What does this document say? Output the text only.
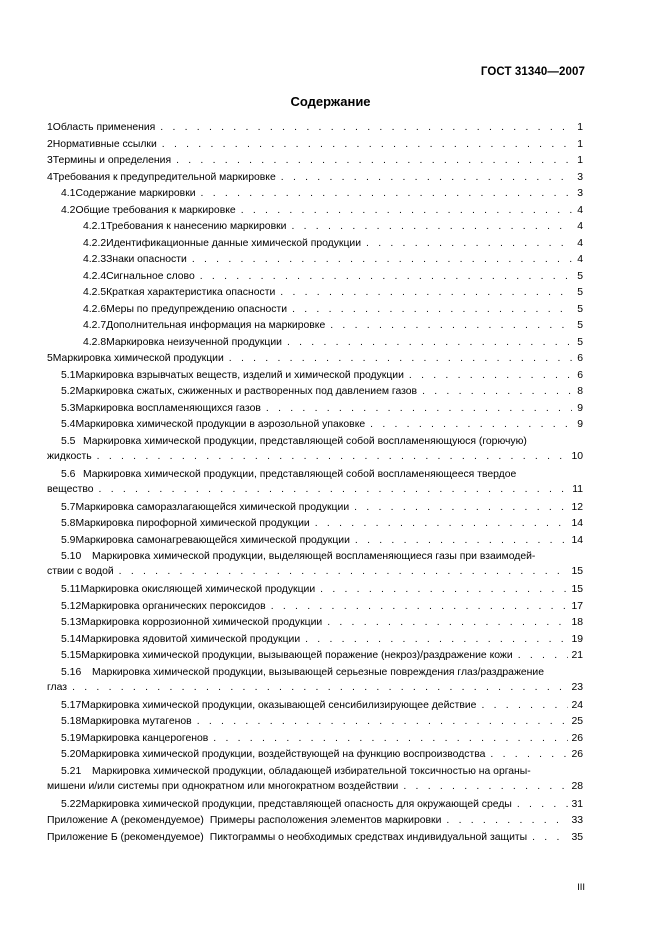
ГОСТ 31340—2007
Содержание
1 Область применения . . .	1
2 Нормативные ссылки . . .	1
3 Термины и определения . . .	1
4 Требования к предупредительной маркировке . . .	3
4.1 Содержание маркировки . . .	3
4.2 Общие требования к маркировке . . .	4
4.2.1 Требования к нанесению маркировки . . .	4
4.2.2 Идентификационные данные химической продукции . . .	4
4.2.3 Знаки опасности . . .	4
4.2.4 Сигнальное слово . . .	5
4.2.5 Краткая характеристика опасности . . .	5
4.2.6 Меры по предупреждению опасности . . .	5
4.2.7 Дополнительная информация на маркировке . . .	5
4.2.8 Маркировка неизученной продукции . . .	5
5 Маркировка химической продукции . . .	6
5.1 Маркировка взрывчатых веществ, изделий и химической продукции . . .	6
5.2 Маркировка сжатых, сжиженных и растворенных под давлением газов . . .	8
5.3 Маркировка воспламеняющихся газов . . .	9
5.4 Маркировка химической продукции в аэрозольной упаковке . . .	9
5.5 Маркировка химической продукции, представляющей собой воспламеняющуюся (горючую)
жидкость . . .	10
5.6 Маркировка химической продукции, представляющей собой воспламеняющееся твердое
вещество . . .	11
5.7 Маркировка саморазлагающейся химической продукции . . .	12
5.8 Маркировка пирофорной химической продукции . . .	14
5.9 Маркировка самонагревающейся химической продукции . . .	14
5.10	Маркировка химической продукции, выделяющей воспламеняющиеся газы при взаимодей-
ствии с водой . . .	15
5.11 Маркировка окисляющей химической продукции . . .	15
5.12 Маркировка органических пероксидов . . .	17
5.13 Маркировка коррозионной химической продукции . . .	18
5.14 Маркировка ядовитой химической продукции . . .	19
5.15 Маркировка химической продукции, вызывающей поражение (некроз)/раздражение кожи . . .	21
5.16	Маркировка химической продукции, вызывающей серьезные повреждения глаз/раздражение
глаз . . .	23
5.17 Маркировка химической продукции, оказывающей сенсибилизирующее действие . . .	24
5.18 Маркировка мутагенов . . .	25
5.19 Маркировка канцерогенов . . .	26
5.20 Маркировка химической продукции, воздействующей на функцию воспроизводства . . .	26
5.21	Маркировка химической продукции, обладающей избирательной токсичностью на органы-
мишени и/или системы при однократном или многократном воздействии . . .	28
5.22 Маркировка химической продукции, представляющей опасность для окружающей среды . . .	31
Приложение А (рекомендуемое) Примеры расположения элементов маркировки . . .	33
Приложение Б (рекомендуемое) Пиктограммы о необходимых средствах индивидуальной защиты . . .	35
III
